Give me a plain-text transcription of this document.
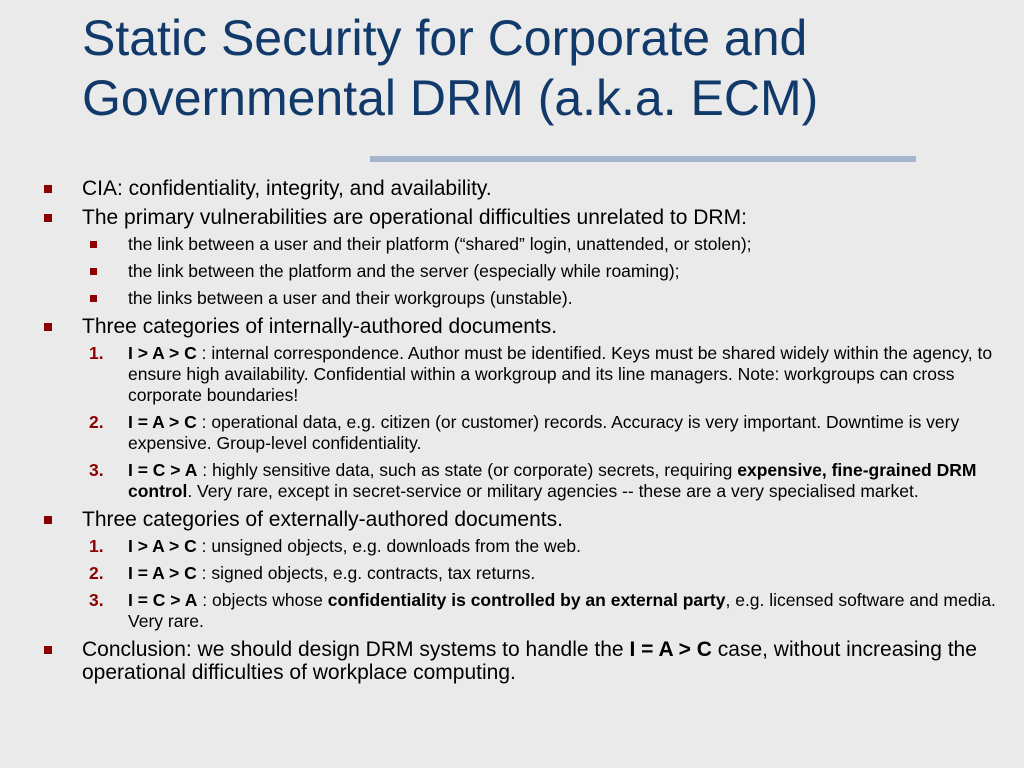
Static Security for Corporate and
Governmental DRM (a.k.a. ECM)
CIA: confidentiality, integrity, and availability.
The primary vulnerabilities are operational difficulties unrelated to DRM:
the link between a user and their platform (“shared” login, unattended, or stolen);
the link between the platform and the server (especially while roaming);
the links between a user and their workgroups (unstable).
Three categories of internally-authored documents.
1. I > A > C : internal correspondence. Author must be identified. Keys must be shared widely within the agency, to ensure high availability. Confidential within a workgroup and its line managers. Note: workgroups can cross corporate boundaries!
2. I = A > C : operational data, e.g. citizen (or customer) records. Accuracy is very important. Downtime is very expensive. Group-level confidentiality.
3. I = C > A : highly sensitive data, such as state (or corporate) secrets, requiring expensive, fine-grained DRM control. Very rare, except in secret-service or military agencies -- these are a very specialised market.
Three categories of externally-authored documents.
1. I > A > C : unsigned objects, e.g. downloads from the web.
2. I = A > C : signed objects, e.g. contracts, tax returns.
3. I = C > A : objects whose confidentiality is controlled by an external party, e.g. licensed software and media. Very rare.
Conclusion: we should design DRM systems to handle the I = A > C case, without increasing the operational difficulties of workplace computing.
